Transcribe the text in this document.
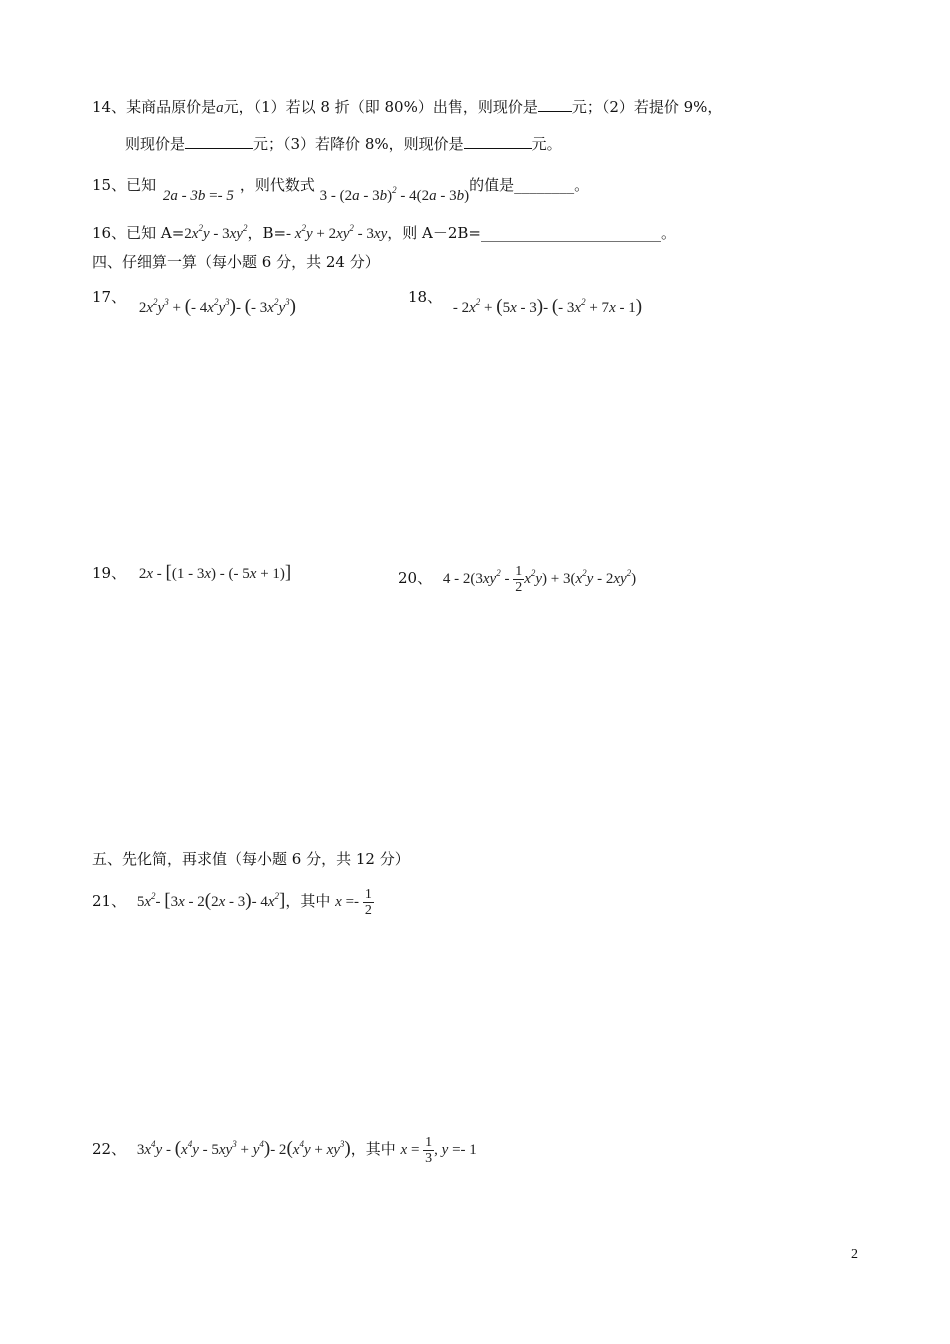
14、某商品原价是a元，（1）若以 8 折（即 80%）出售，则现价是 元；（2）若提价 9%，
则现价是	元；（3）若降价 8%，则现价是	元。
15、已知 2a - 3b =- 5，则代数式 3 - (2a - 3b)$^2$ - 4(2a - 3b)的值是________。
16、已知 $A=2x^2y - 3xy^2$，B=- $x^2y + 2xy^2 - 3xy$，则 A－2B=________________________。
四、仔细算一算（每小题 6 分，共 24 分）
17、 $2x^2y^3$ + (- $4x^2y^3)-$ (- $3x^2y^3$)	18、 - $2x^2 + (5x - 3)-$ (- $3x^2 + 7x - 1$)
19、 2x - [(1 - 3x) - (- 5x + 1)]	20、 $4 - 2(3xy^2 - \frac{1}{2} x^2y) + 3(x^2y - 2xy^2)$
五、先化简，再求值（每小题 6 分，共 12 分）
21、 $5x^2-$ [3x - 2(2x - 3)- $4x^2$]，其中 $x =- \frac{1}{2}$
22、 $3x^4y - (x^4y - 5xy^3 + y^4)-$ $2(x^4y + xy^3)$，其中 $x = \frac{1}{3}$ , y =- 1
2
